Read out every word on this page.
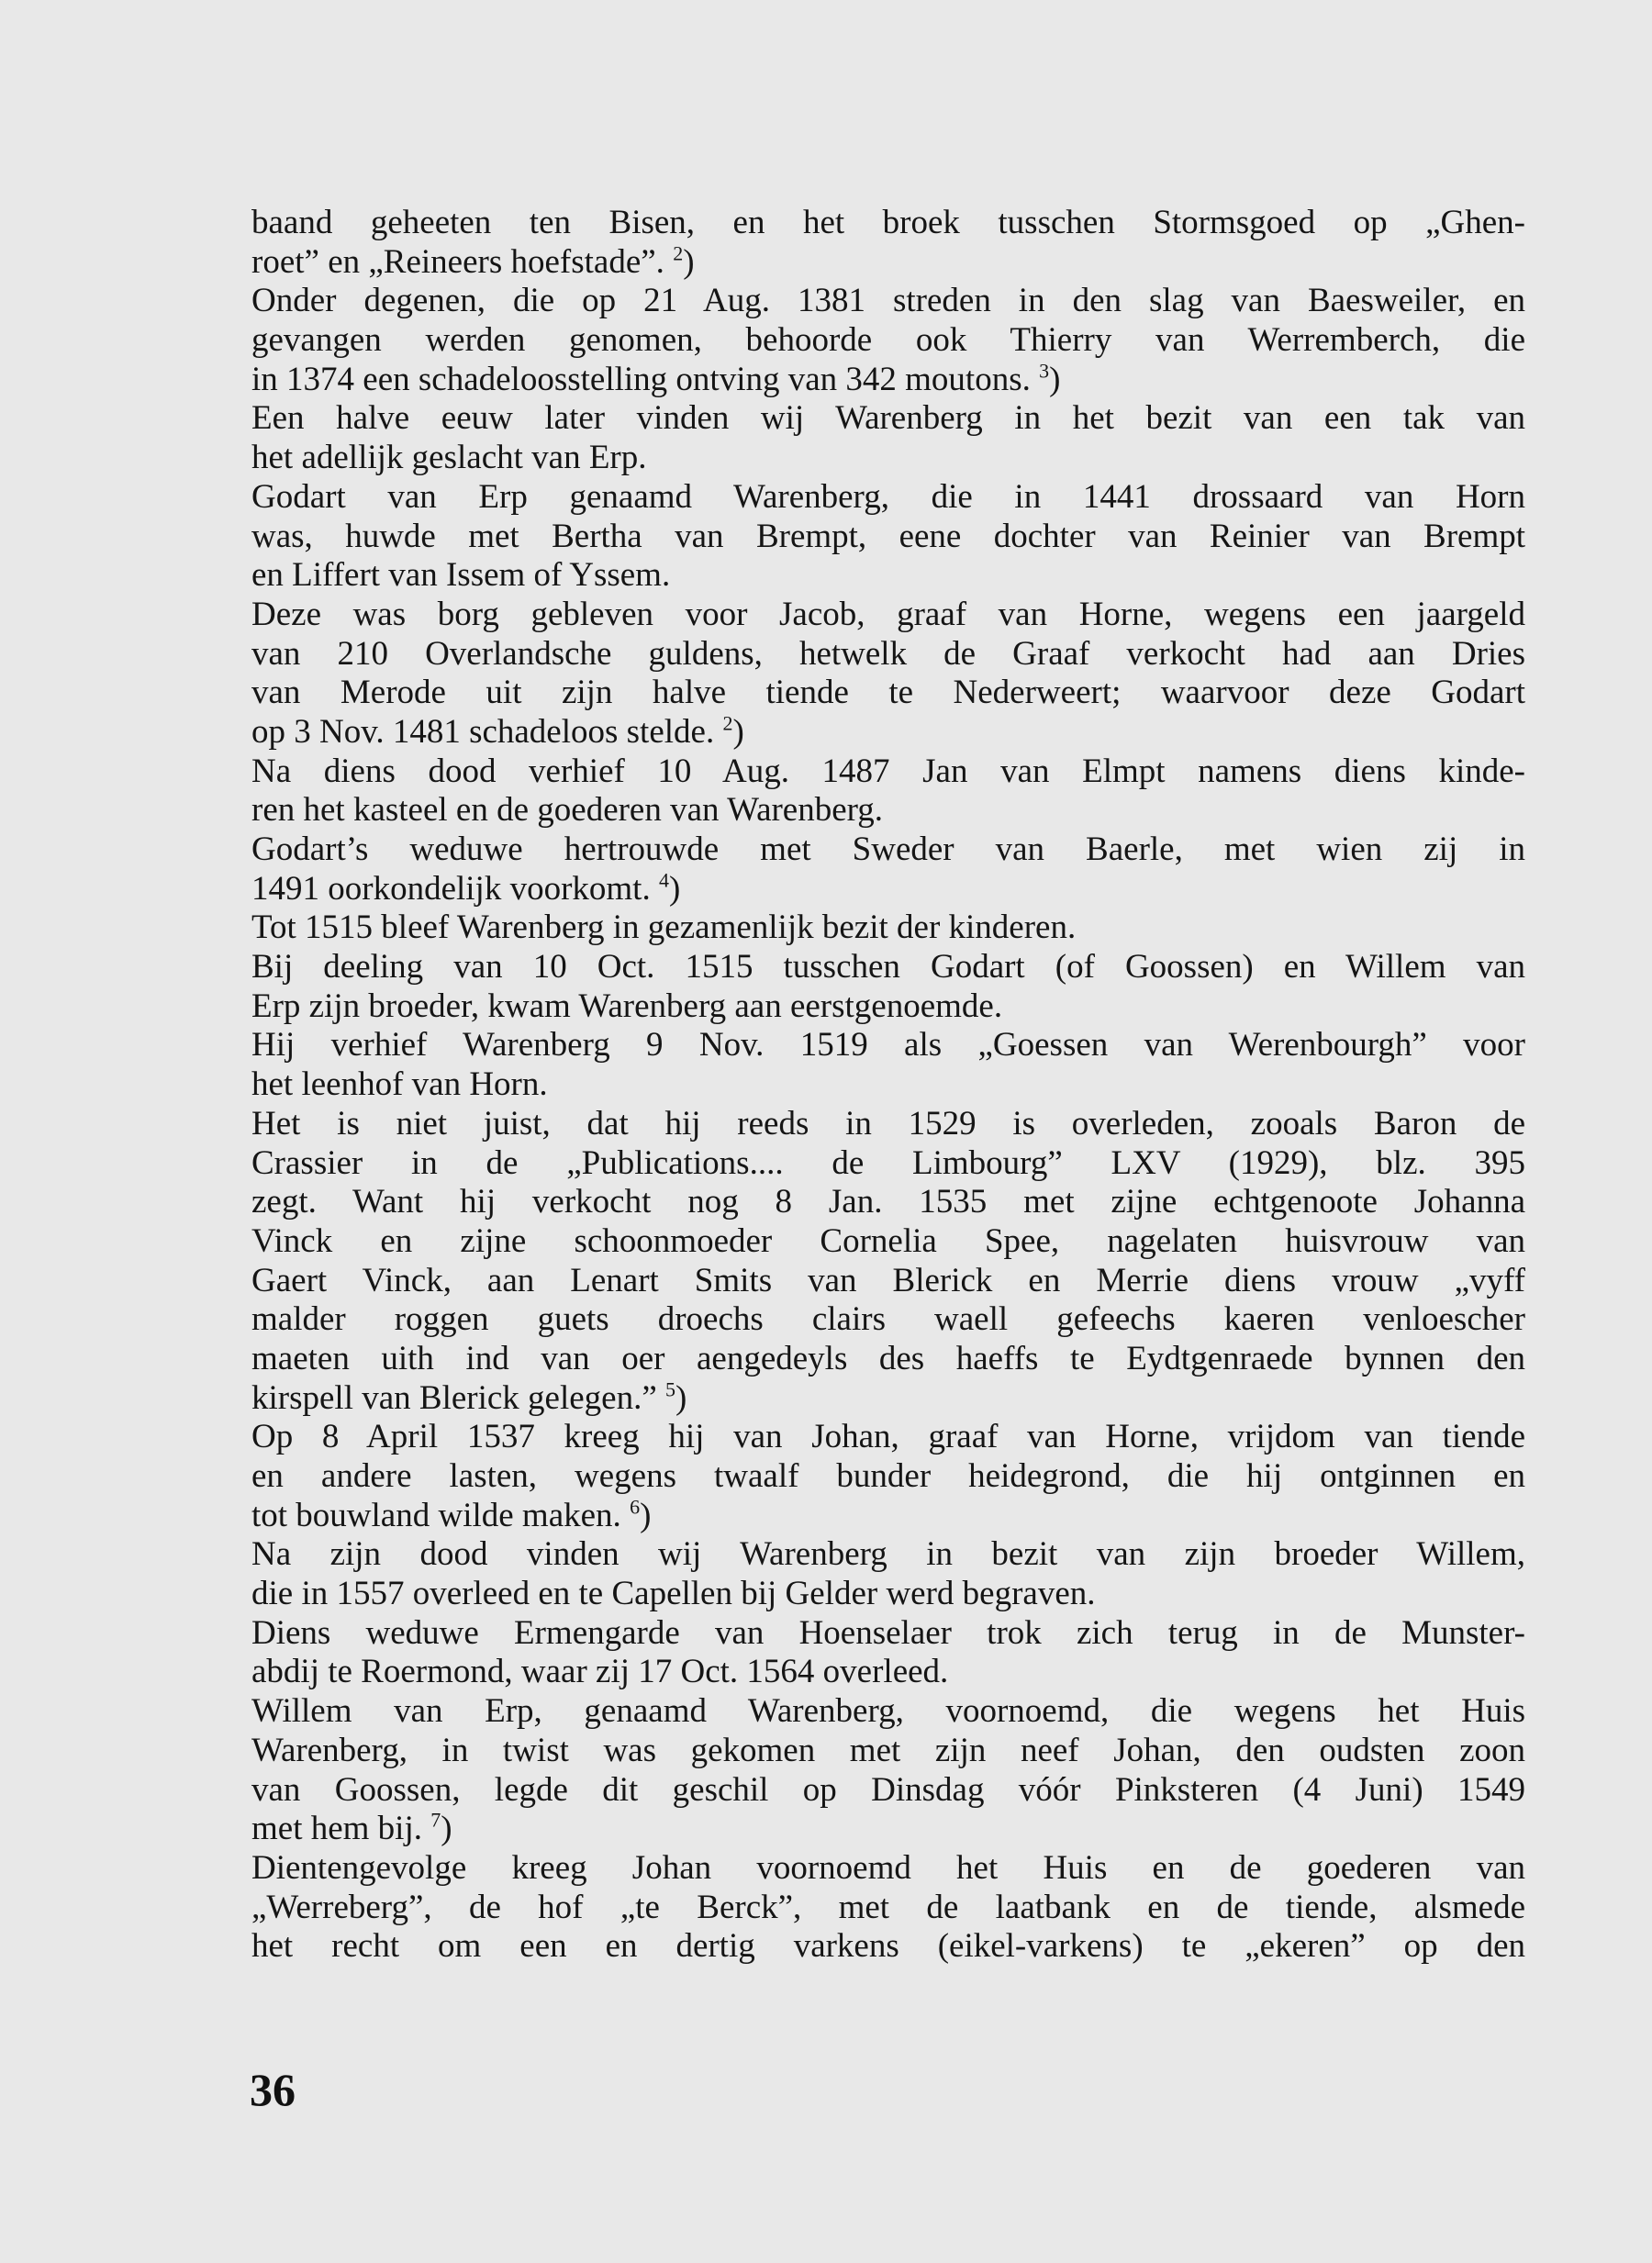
baand geheeten ten Bisen, en het broek tusschen Stormsgoed op „Ghen-
roet” en „Reineers hoefstade”. $^2$)
Onder degenen, die op 21 Aug. 1381 streden in den slag van Baesweiler, en
gevangen werden genomen, behoorde ook Thierry van Werremberch, die
in 1374 een schadeloosstelling ontving van 342 moutons. $^3$)
Een halve eeuw later vinden wij Warenberg in het bezit van een tak van
het adellijk geslacht van Erp.
Godart van Erp genaamd Warenberg, die in 1441 drossaard van Horn
was, huwde met Bertha van Brempt, eene dochter van Reinier van Brempt
en Liffert van Issem of Yssem.
Deze was borg gebleven voor Jacob, graaf van Horne, wegens een jaargeld
van 210 Overlandsche guldens, hetwelk de Graaf verkocht had aan Dries
van Merode uit zijn halve tiende te Nederweert; waarvoor deze Godart
op 3 Nov. 1481 schadeloos stelde. $^2$)
Na diens dood verhief 10 Aug. 1487 Jan van Elmpt namens diens kinde-
ren het kasteel en de goederen van Warenberg.
Godart’s weduwe hertrouwde met Sweder van Baerle, met wien zij in
1491 oorkondelijk voorkomt. $^4$)
Tot 1515 bleef Warenberg in gezamenlijk bezit der kinderen.
Bij deeling van 10 Oct. 1515 tusschen Godart (of Goossen) en Willem van
Erp zijn broeder, kwam Warenberg aan eerstgenoemde.
Hij verhief Warenberg 9 Nov. 1519 als „Goessen van Werenbourgh” voor
het leenhof van Horn.
Het is niet juist, dat hij reeds in 1529 is overleden, zooals Baron de
Crassier in de „Publications.... de Limbourg” LXV (1929), blz. 395
zegt. Want hij verkocht nog 8 Jan. 1535 met zijne echtgenoote Johanna
Vinck en zijne schoonmoeder Cornelia Spee, nagelaten huisvrouw van
Gaert Vinck, aan Lenart Smits van Blerick en Merrie diens vrouw „vyff
malder roggen guets droechs clairs waell gefeechs kaeren venloescher
maeten uith ind van oer aengedeyls des haeffs te Eydtgenraede bynnen den
kirspell van Blerick gelegen.” $^5$)
Op 8 April 1537 kreeg hij van Johan, graaf van Horne, vrijdom van tiende
en andere lasten, wegens twaalf bunder heidegrond, die hij ontginnen en
tot bouwland wilde maken. $^6$)
Na zijn dood vinden wij Warenberg in bezit van zijn broeder Willem,
die in 1557 overleed en te Capellen bij Gelder werd begraven.
Diens weduwe Ermengarde van Hoenselaer trok zich terug in de Munster-
abdij te Roermond, waar zij 17 Oct. 1564 overleed.
Willem van Erp, genaamd Warenberg, voornoemd, die wegens het Huis
Warenberg, in twist was gekomen met zijn neef Johan, den oudsten zoon
van Goossen, legde dit geschil op Dinsdag vóór Pinksteren (4 Juni) 1549
met hem bij. $^7$)
Dientengevolge kreeg Johan voornoemd het Huis en de goederen van
„Werreberg”, de hof „te Berck”, met de laatbank en de tiende, alsmede
het recht om een en dertig varkens (eikel-varkens) te „ekeren” op den
36
